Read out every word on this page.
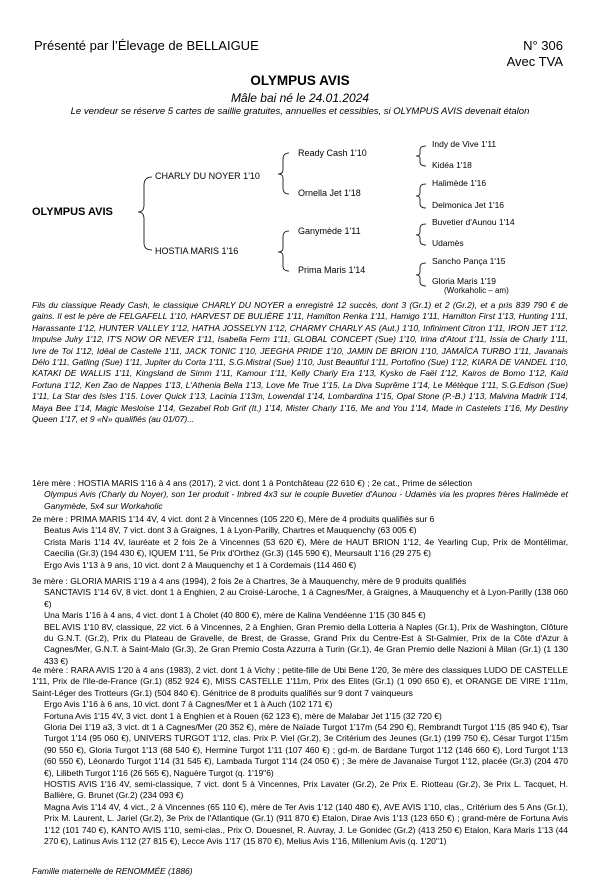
Présenté par l’Élevage de BELLAIGUE	N° 306
Avec TVA
OLYMPUS AVIS
Mâle bai né le 24.01.2024
Le vendeur se réserve 5 cartes de saillie gratuites, annuelles et cessibles, si OLYMPUS AVIS devenait étalon
OLYMPUS AVIS
CHARLY DU NOYER 1'10
HOSTIA MARIS 1'16
Ready Cash 1'10
Ornella Jet 1'18
Ganymède 1'11
Prima Maris 1'14
Indy de Vive 1'11
Kidéa 1'18
Halimède 1'16
Delmonica Jet 1'16
Buvetier d'Aunou 1'14
Udamès
Sancho Pança 1'15
Gloria Maris 1'19
(Workaholic – am)
Fils du classique Ready Cash, le classique CHARLY DU NOYER a enregistré 12 succès, dont 3 (Gr.1) et 2 (Gr.2), et a pris 839 790 € de gains. Il est le père de FELGAFELL 1'10, HARVEST DE BULIÈRE 1'11, Hamilton Renka 1'11, Hamigo 1'11, Hamilton First 1'13, Hunting 1'11, Harassante 1'12, HUNTER VALLEY 1'12, HATHA JOSSELYN 1'12, CHARMY CHARLY AS (Aut.) 1'10, Infiniment Citron 1'11, IRON JET 1'12, Impulse Julry 1'12, IT'S NOW OR NEVER 1'11, Isabella Ferm 1'11, GLOBAL CONCEPT (Sue) 1'10, Irina d'Atout 1'11, Issia de Charly 1'11, Ivre de Toi 1'12, Idéal de Castelle 1'11, JACK TONIC 1'10, JEEGHA PRIDE 1'10, JAMIN DE BRION 1'10, JAMAÏCA TURBO 1'11, Javanais Délo 1'11, Gatling (Sue) 1'11, Jupiter du Corta 1'11, S.G.Mistral (Sue) 1'10, Just Beautiful 1'11, Portofino (Sue) 1'12, KIARA DE VANDEL 1'10, KATAKI DE WALLIS 1'11, Kingsland de Simm 1'11, Kamour 1'11, Kelly Charly Era 1'13, Kysko de Faël 1'12, Kairos de Bomo 1'12, Kaïd Fortuna 1'12, Ken Zao de Nappes 1'13, L'Athenia Bella 1'13, Love Me True 1'15, La Diva Suprême 1'14, Le Métèque 1'11, S.G.Edison (Sue) 1'11, La Star des Isles 1'15. Lover Quick 1'13, Lacinia 1'13m, Lowendal 1'14, Lombardina 1'15, Opal Stone (P.-B.) 1'13, Malvina Madrik 1'14, Maya Bee 1'14, Magic Mesloise 1'14, Gezabel Rob Grif (It.) 1'14, Mister Charly 1'16, Me and You 1'14, Made in Castelets 1'16, My Destiny Queen 1'17, et 9 «N» qualifiés (au 01/07)...
1ère mère : HOSTIA MARIS 1'16 à 4 ans (2017), 2 vict. dont 1 à Pontchâteau (22 610 €) ; 2e cat., Prime de sélection
Olympus Avis (Charly du Noyer), son 1er produit - Inbred 4x3 sur le couple Buvetier d'Aunou - Udamès via les propres frères Halimède et Ganymède, 5x4 sur Workaholic
2e mère : PRIMA MARIS 1'14 4V, 4 vict. dont 2 à Vincennes (105 220 €), Mère de 4 produits qualifiés sur 6
Beatus Avis 1'14 8V, 7 vict. dont 3 à Graignes, 1 à Lyon-Parilly, Chartres et Mauquenchy (63 005 €)
Crista Maris 1'14 4V, lauréate et 2 fois 2e à Vincennes (53 620 €), Mère de HAUT BRION 1'12, 4e Yearling Cup, Prix de Montélimar, Caecilia (Gr.3) (194 430 €), IQUEM 1'11, 5e Prix d'Orthez (Gr.3) (145 590 €), Meursault 1'16 (29 275 €)
Ergo Avis 1'13 à 9 ans, 10 vict. dont 2 à Mauquenchy et 1 à Cordemais (114 460 €)
3e mère : GLORIA MARIS 1'19 à 4 ans (1994), 2 fois 2e à Chartres, 3e à Mauquenchy, mère de 9 produits qualifiés
SANCTAVIS 1'14 6V, 8 vict. dont 1 à Enghien, 2 au Croisé-Laroche, 1 à Cagnes/Mer, à Graignes, à Mauquenchy et à Lyon-Parilly (138 060 €)
Una Maris 1'16 à 4 ans, 4 vict. dont 1 à Cholet (40 800 €), mère de Kalina Vendéenne 1'15 (30 845 €)
BEL AVIS 1'10 8V, classique, 22 vict. 6 à Vincennes, 2 à Enghien, Gran Premio della Lotteria à Naples (Gr.1), Prix de Washington, Clôture du G.N.T. (Gr.2), Prix du Plateau de Gravelle, de Brest, de Grasse, Grand Prix du Centre-Est à St-Galmier, Prix de la Côte d'Azur à Cagnes/Mer, G.N.T. à Saint-Malo (Gr.3), 2e Gran Premio Costa Azzurra à Turin (Gr.1), 4e Gran Premio delle Nazioni à Milan (Gr.1) (1 130 433 €)
4e mère : RARA AVIS 1'20 à 4 ans (1983), 2 vict. dont 1 à Vichy ; petite-fille de Ubi Bene 1'20, 3e mère des classiques LUDO DE CASTELLE 1'11, Prix de l'Ile-de-France (Gr.1) (852 924 €), MISS CASTELLE 1'11m, Prix des Elites (Gr.1) (1 090 650 €), et ORANGE DE VIRE 1'11m, Saint-Léger des Trotteurs (Gr.1) (504 840 €). Génitrice de 8 produits qualifiés sur 9 dont 7 vainqueurs
Ergo Avis 1'16 à 6 ans, 10 vict. dont 7 à Cagnes/Mer et 1 à Auch (102 171 €)
Fortuna Avis 1'15 4V, 3 vict. dont 1 à Enghien et à Rouen (62 123 €), mère de Malabar Jet 1'15 (32 720 €)
Gloria Dei 1'19 a3, 3 vict. dt 1 à Cagnes/Mer (20 352 €), mère de Naïade Turgot 1'17m (54 290 €), Rembrandt Turgot 1'15 (85 940 €), Tsar Turgot 1'14 (95 060 €), UNIVERS TURGOT 1'12, clas. Prix P. Viel (Gr.2), 3e Critérium des Jeunes (Gr.1) (199 750 €), César Turgot 1'15m (90 550 €), Gloria Turgot 1'13 (68 540 €), Hermine Turgot 1'11 (107 460 €) ; gd-m. de Bardane Turgot 1'12 (146 660 €), Lord Turgot 1'13 (60 550 €), Léonardo Turgot 1'14 (31 545 €), Lambada Turgot 1'14 (24 050 €) ; 3e mère de Javanaise Turgot 1'12, placée (Gr.3) (204 470 €), Lilibeth Turgot 1'16 (26 565 €), Naguère Turgot (q. 1'19"6)
HOSTIS AVIS 1'16 4V, semi-classique, 7 vict. dont 5 à Vincennes, Prix Lavater (Gr.2), 2e Prix E. Riotteau (Gr.2), 3e Prix L. Tacquet, H. Ballière, G. Brunet (Gr.2) (234 093 €)
Magna Avis 1'14 4V, 4 vict., 2 à Vincennes (65 110 €), mère de Ter Avis 1'12 (140 480 €), AVE AVIS 1'10, clas., Critérium des 5 Ans (Gr.1), Prix M. Laurent, L. Jariel (Gr.2), 3e Prix de l'Atlantique (Gr.1) (911 870 €) Etalon, Dirae Avis 1'13 (123 650 €) ; grand-mère de Fortuna Avis 1'12 (101 740 €), KANTO AVIS 1'10, semi-clas., Prix O. Douesnel, R. Auvray, J. Le Gonidec (Gr.2) (413 250 €) Etalon, Kara Maris 1'13 (44 270 €), Latinus Avis 1'12 (27 815 €), Lecce Avis 1'17 (15 870 €), Melius Avis 1'16, Millenium Avis (q. 1'20"1)
Famille maternelle de RENOMMÉE (1886)
